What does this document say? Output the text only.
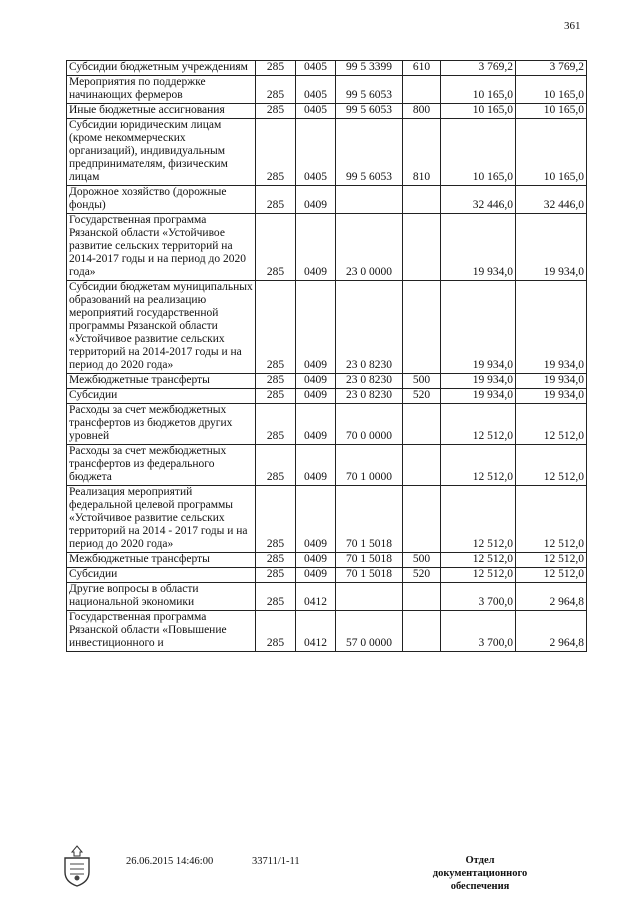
361
Субсидии бюджетным учреждениям	285	0405	99 5 3399	610	3 769,2	3 769,2
Мероприятия по поддержке начинающих фермеров	285	0405	99 5 6053		10 165,0	10 165,0
Иные бюджетные ассигнования	285	0405	99 5 6053	800	10 165,0	10 165,0
Субсидии юридическим лицам (кроме некоммерческих организаций), индивидуальным предпринимателям, физическим лицам	285	0405	99 5 6053	810	10 165,0	10 165,0
Дорожное хозяйство (дорожные фонды)	285	0409			32 446,0	32 446,0
Государственная программа Рязанской области «Устойчивое развитие сельских территорий на 2014-2017 годы и на период до 2020 года»	285	0409	23 0 0000		19 934,0	19 934,0
Субсидии бюджетам муниципальных образований на реализацию мероприятий государственной программы Рязанской области «Устойчивое развитие сельских территорий на 2014-2017 годы и на период до 2020 года»	285	0409	23 0 8230		19 934,0	19 934,0
Межбюджетные трансферты	285	0409	23 0 8230	500	19 934,0	19 934,0
Субсидии	285	0409	23 0 8230	520	19 934,0	19 934,0
Расходы за счет межбюджетных трансфертов из бюджетов других уровней	285	0409	70 0 0000		12 512,0	12 512,0
Расходы за счет межбюджетных трансфертов из федерального бюджета	285	0409	70 1 0000		12 512,0	12 512,0
Реализация мероприятий федеральной целевой программы «Устойчивое развитие сельских территорий на 2014 - 2017 годы и на период до 2020 года»	285	0409	70 1 5018		12 512,0	12 512,0
Межбюджетные трансферты	285	0409	70 1 5018	500	12 512,0	12 512,0
Субсидии	285	0409	70 1 5018	520	12 512,0	12 512,0
Другие вопросы в области национальной экономики	285	0412			3 700,0	2 964,8
Государственная программа Рязанской области «Повышение инвестиционного и	285	0412	57 0 0000		3 700,0	2 964,8
26.06.2015 14:46:00	33711/1-11	Отдел документационного обеспечения
